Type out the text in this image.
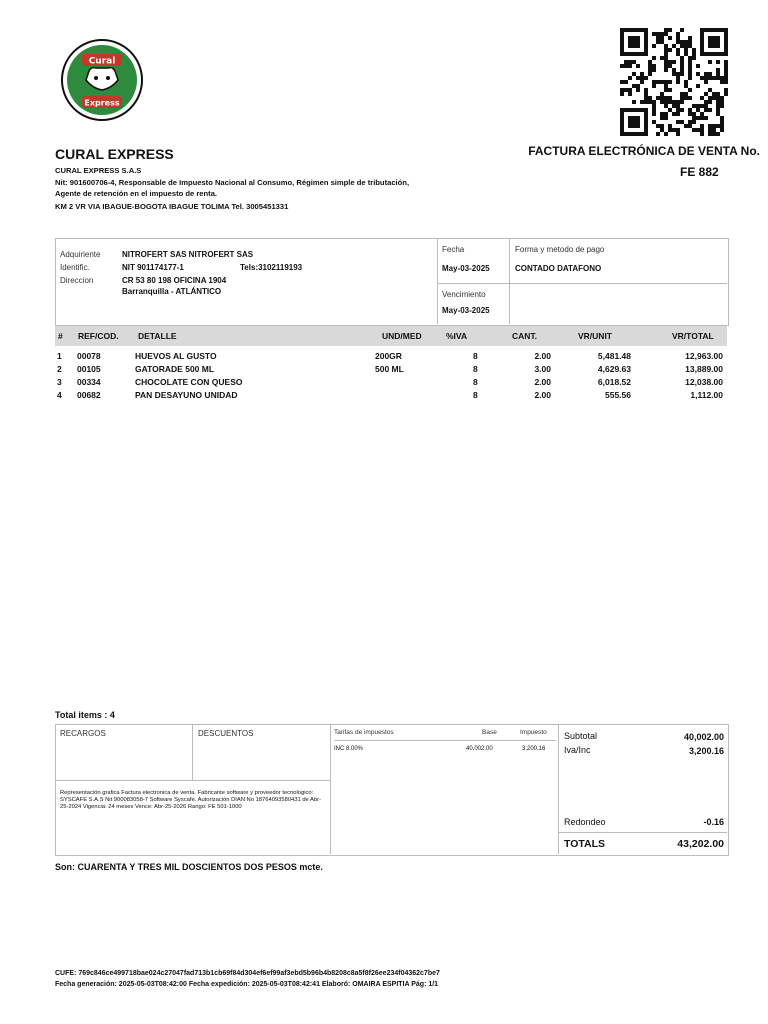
Cural
Express
CURAL EXPRESS
CURAL EXPRESS S.A.S
Nit: 901600706-4, Responsable de Impuesto Nacional al Consumo, Régimen simple de tributación,
Agente de retención en el impuesto de renta.
KM 2 VR VIA IBAGUE-BOGOTA IBAGUE TOLIMA Tel. 3005451331
FACTURA ELECTRÓNICA DE VENTA No.
FE 882
Adquiriente	NITROFERT SAS NITROFERT SAS
Identific.	NIT 901174177-1	Tels:3102119193
Direccion	CR 53 80 198 OFICINA 1904
Barranquilla - ATLÁNTICO
Fecha
May-03-2025
Vencimiento
May-03-2025
Forma y metodo de pago
CONTADO DATAFONO
# REF/COD. DETALLE	UND/MED	%IVA	CANT.	VR/UNIT	VR/TOTAL
1 00078	HUEVOS AL GUSTO	200GR	8	2.00	5,481.48	12,963.00
2 00105	GATORADE 500 ML	500 ML	8	3.00	4,629.63	13,889.00
3 00334	CHOCOLATE CON QUESO	8	2.00	6,018.52	12,038.00
4 00682	PAN DESAYUNO UNIDAD	8	2.00	555.56	1,112.00
Total items : 4
RECARGOS	DESCUENTOS	Tarifas de impuestos	Base	Impuesto
INC 8.00%	40,002.00	3,200.16
Representación grafica Factura electronica de venta. Fabricante software y proveedor tecnologico: SYSCAFE S.A.S Nit 900083058-7 Software Syscafe. Autorización DIAN No 18764093580431 de Abr-25-2024 Vigencia: 24 meses Vence: Abr-25-2026 Rango: FE 501-1000
Subtotal	40,002.00
Iva/Inc	3,200.16
Redondeo	-0.16
TOTALS	43,202.00
Son: CUARENTA Y TRES MIL DOSCIENTOS DOS PESOS mcte.
CUFE: 769c846ce499718bae024c27047fad713b1cb69f84d304ef6ef99af3ebd5b96b4b8208c8a5f8f26ee234f04362c7be7
Fecha generación: 2025-05-03T08:42:00 Fecha expedición: 2025-05-03T08:42:41 Elaboró: OMAIRA ESPITIA Pág: 1/1
